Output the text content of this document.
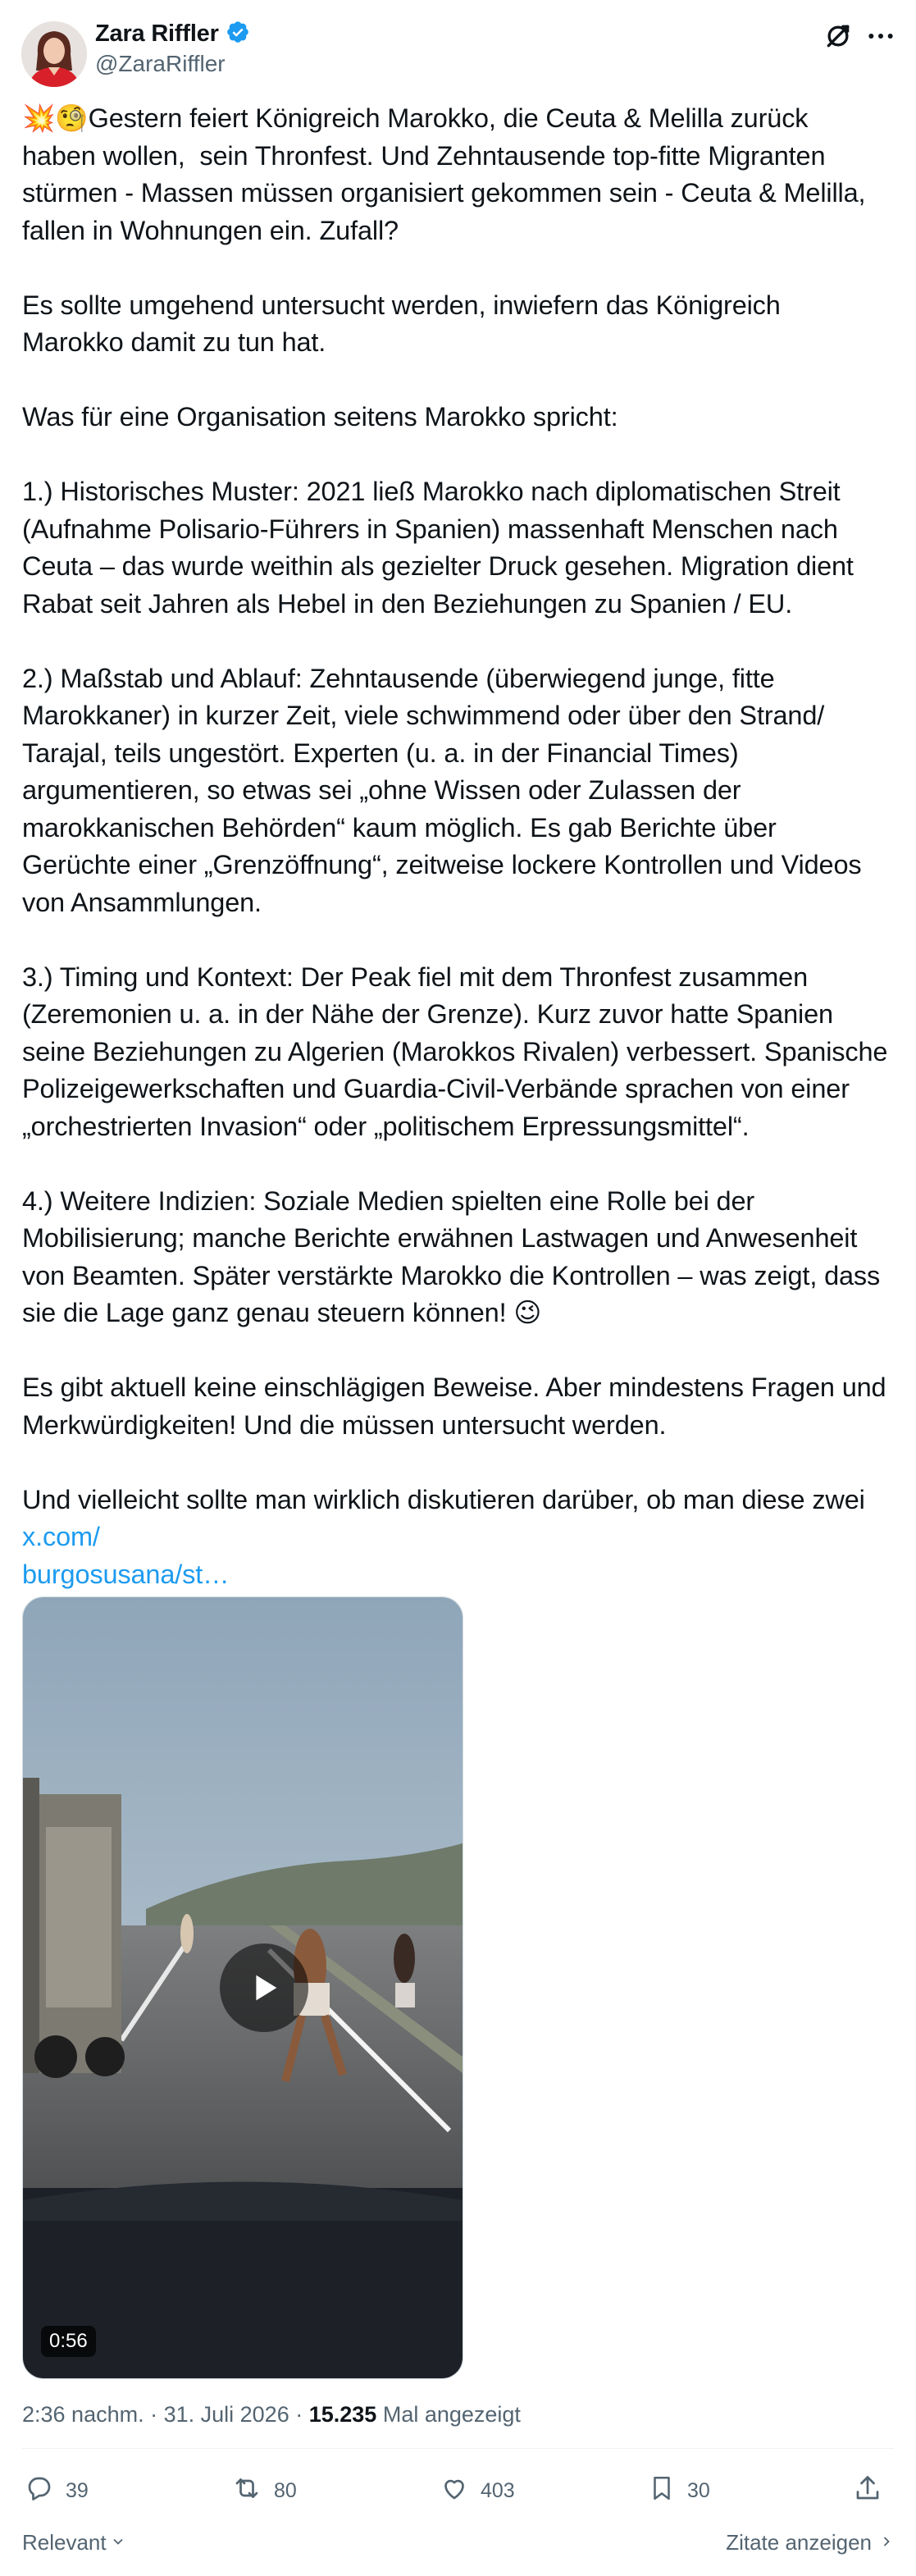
Zara Riffler
@ZaraRiffler
💥🧐Gestern feiert Königreich Marokko, die Ceuta & Melilla zurück
haben wollen,  sein Thronfest. Und Zehntausende top-fitte Migranten
stürmen - Massen müssen organisiert gekommen sein - Ceuta & Melilla,
fallen in Wohnungen ein. Zufall?

Es sollte umgehend untersucht werden, inwiefern das Königreich
Marokko damit zu tun hat.

Was für eine Organisation seitens Marokko spricht:

1.) Historisches Muster: 2021 ließ Marokko nach diplomatischen Streit
(Aufnahme Polisario-Führers in Spanien) massenhaft Menschen nach
Ceuta – das wurde weithin als gezielter Druck gesehen. Migration dient
Rabat seit Jahren als Hebel in den Beziehungen zu Spanien / EU.

2.) Maßstab und Ablauf: Zehntausende (überwiegend junge, fitte
Marokkaner) in kurzer Zeit, viele schwimmend oder über den Strand/
Tarajal, teils ungestört. Experten (u. a. in der Financial Times)
argumentieren, so etwas sei „ohne Wissen oder Zulassen der
marokkanischen Behörden“ kaum möglich. Es gab Berichte über
Gerüchte einer „Grenzöffnung“, zeitweise lockere Kontrollen und Videos
von Ansammlungen.

3.) Timing und Kontext: Der Peak fiel mit dem Thronfest zusammen
(Zeremonien u. a. in der Nähe der Grenze). Kurz zuvor hatte Spanien
seine Beziehungen zu Algerien (Marokkos Rivalen) verbessert. Spanische
Polizeigewerkschaften und Guardia-Civil-Verbände sprachen von einer
„orchestrierten Invasion“ oder „politischem Erpressungsmittel“.

4.) Weitere Indizien: Soziale Medien spielten eine Rolle bei der
Mobilisierung; manche Berichte erwähnen Lastwagen und Anwesenheit
von Beamten. Später verstärkte Marokko die Kontrollen – was zeigt, dass
sie die Lage ganz genau steuern können! 😉

Es gibt aktuell keine einschlägigen Beweise. Aber mindestens Fragen und
Merkwürdigkeiten! Und die müssen untersucht werden.

Und vielleicht sollte man wirklich diskutieren darüber, ob man diese zwei x.com/
burgosusana/st…
0:56
2:36 nachm. · 31. Juli 2026 · 15.235 Mal angezeigt
39	80	403	30
Relevant	Zitate anzeigen
